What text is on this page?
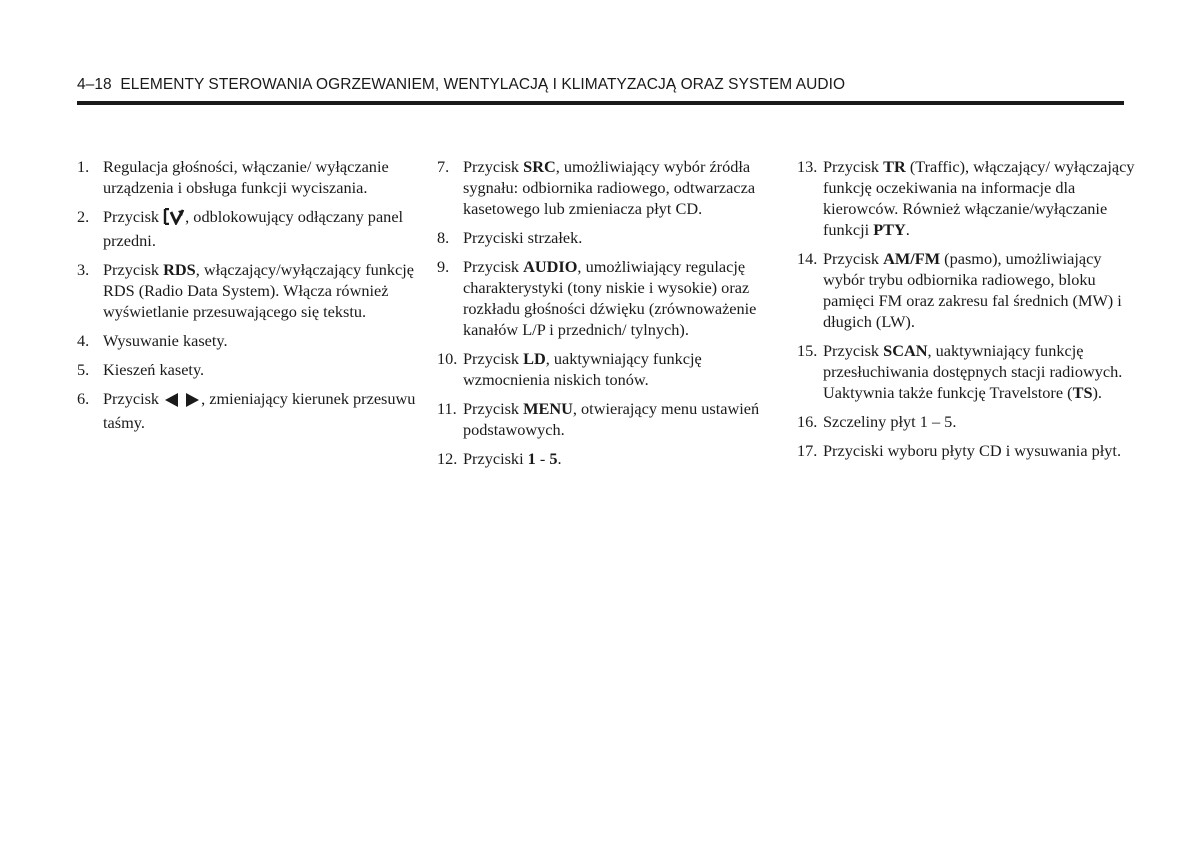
4–18 ELEMENTY STEROWANIA OGRZEWANIEM, WENTYLACJĄ I KLIMATYZACJĄ ORAZ SYSTEM AUDIO
1. Regulacja głośności, włączanie/ wyłączanie urządzenia i obsługa funkcji wyciszania.
2. Przycisk , odblokowujący odłączany panel przedni.
3. Przycisk RDS, włączający/wyłączający funkcję RDS (Radio Data System). Włącza również wyświetlanie przesuwającego się tekstu.
4. Wysuwanie kasety.
5. Kieszeń kasety.
6. Przycisk	, zmieniający kierunek przesuwu taśmy.
7. Przycisk SRC, umożliwiający wybór źródła sygnału: odbiornika radiowego, odtwarzacza kasetowego lub zmieniacza płyt CD.
8. Przyciski strzałek.
9. Przycisk AUDIO, umożliwiający regulację charakterystyki (tony niskie i wysokie) oraz rozkładu głośności dźwięku (zrównoważenie kanałów L/P i przednich/ tylnych).
10. Przycisk LD, uaktywniający funkcję wzmocnienia niskich tonów.
11. Przycisk MENU, otwierający menu ustawień podstawowych.
12. Przyciski 1 - 5.
13. Przycisk TR (Traffic), włączający/ wyłączający funkcję oczekiwania na informacje dla kierowców. Również włączanie/wyłączanie funkcji PTY.
14. Przycisk AM/FM (pasmo), umożliwiający wybór trybu odbiornika radiowego, bloku pamięci FM oraz zakresu fal średnich (MW) i długich (LW).
15. Przycisk SCAN, uaktywniający funkcję przesłuchiwania dostępnych stacji radiowych. Uaktywnia także funkcję Travelstore (TS).
16. Szczeliny płyt 1 – 5.
17. Przyciski wyboru płyty CD i wysuwania płyt.
